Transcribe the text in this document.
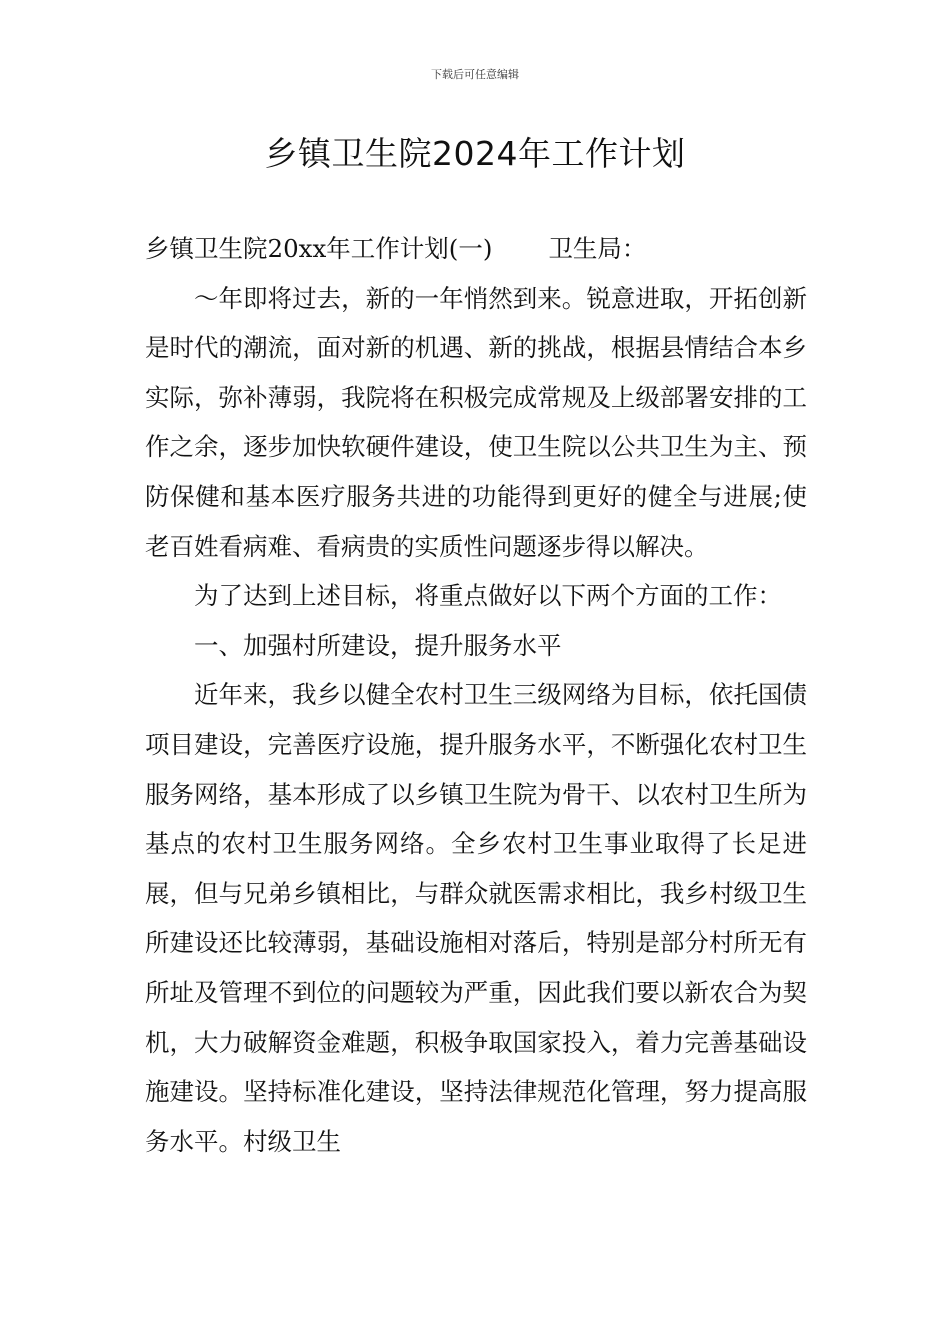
下载后可任意编辑
乡镇卫生院2024年工作计划

乡镇卫生院20xx年工作计划(一) 卫生局：

～年即将过去，新的一年悄然到来。锐意进取，开拓创新是时代的潮流，面对新的机遇、新的挑战，根据县情结合本乡实际，弥补薄弱，我院将在积极完成常规及上级部署安排的工作之余，逐步加快软硬件建设，使卫生院以公共卫生为主、预防保健和基本医疗服务共进的功能得到更好的健全与进展;使老百姓看病难、看病贵的实质性问题逐步得以解决。

为了达到上述目标，将重点做好以下两个方面的工作：

一、加强村所建设，提升服务水平

近年来，我乡以健全农村卫生三级网络为目标，依托国债项目建设，完善医疗设施，提升服务水平，不断强化农村卫生服务网络，基本形成了以乡镇卫生院为骨干、以农村卫生所为基点的农村卫生服务网络。全乡农村卫生事业取得了长足进展，但与兄弟乡镇相比，与群众就医需求相比，我乡村级卫生所建设还比较薄弱，基础设施相对落后，特别是部分村所无有所址及管理不到位的问题较为严重，因此我们要以新农合为契机，大力破解资金难题，积极争取国家投入，着力完善基础设施建设。坚持标准化建设，坚持法律规范化管理，努力提高服务水平。村级卫生
